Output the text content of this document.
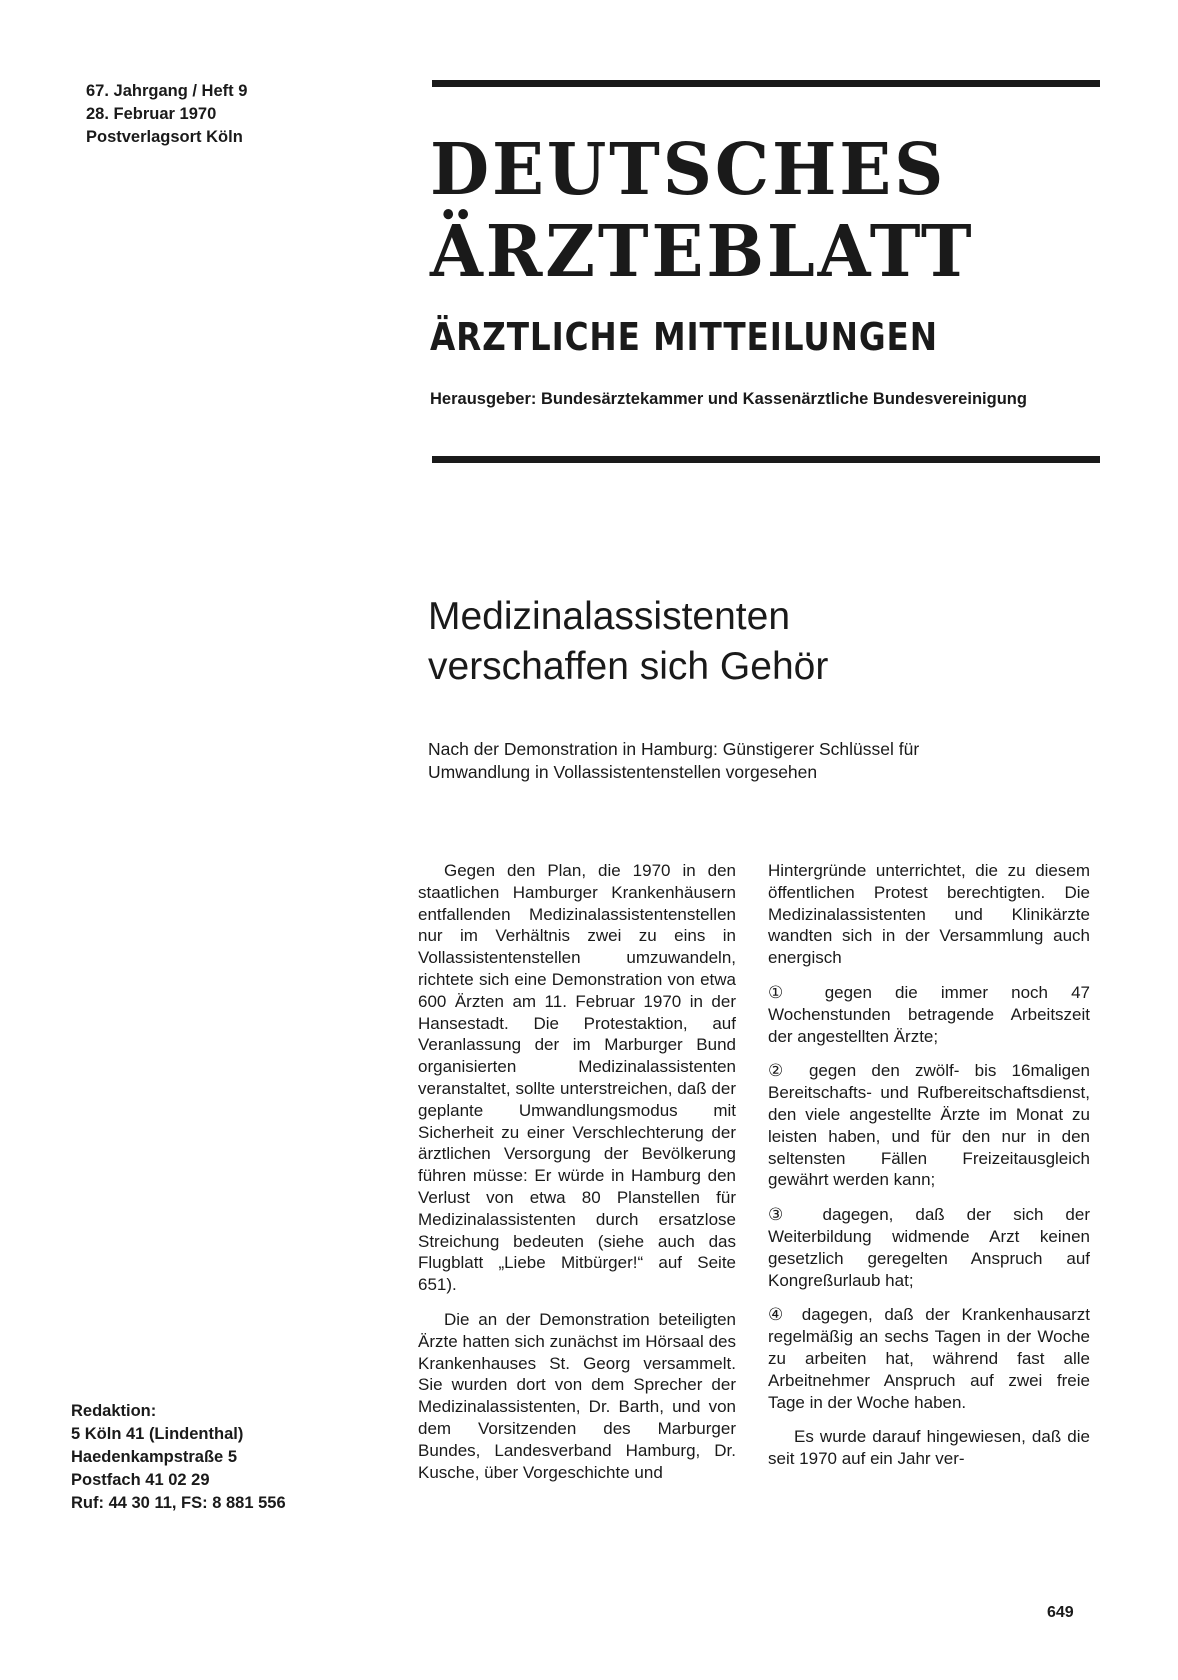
67. Jahrgang / Heft 9
28. Februar 1970
Postverlagsort Köln	DEUTSCHES
ÄRZTEBLATT
ÄRZTLICHE MITTEILUNGEN
Herausgeber: Bundesärztekammer und Kassenärztliche Bundesvereinigung
Medizinalassistenten
verschaffen sich Gehör
Nach der Demonstration in Hamburg: Günstigerer Schlüssel für
Umwandlung in Vollassistentenstellen vorgesehen

Gegen den Plan, die 1970 in den staatlichen Hamburger Krankenhäusern entfallenden Medizinalassistentenstellen nur im Verhältnis zwei zu eins in Vollassistentenstellen umzuwandeln, richtete sich eine Demonstration von etwa 600 Ärzten am 11. Februar 1970 in der Hansestadt. Die Protestaktion, auf Veranlassung der im Marburger Bund organisierten Medizinalassistenten veranstaltet, sollte unterstreichen, daß der geplante Umwandlungsmodus mit Sicherheit zu einer Verschlechterung der ärztlichen Versorgung der Bevölkerung führen müsse: Er würde in Hamburg den Verlust von etwa 80 Planstellen für Medizinalassistenten durch ersatzlose Streichung bedeuten (siehe auch das Flugblatt „Liebe Mitbürger!“ auf Seite 651).

Die an der Demonstration beteiligten Ärzte hatten sich zunächst im Hörsaal des Krankenhauses St. Georg versammelt. Sie wurden dort von dem Sprecher der Medizinalassistenten, Dr. Barth, und von dem Vorsitzenden des Marburger Bundes, Landesverband Hamburg, Dr. Kusche, über Vorgeschichte und

Hintergründe unterrichtet, die zu diesem öffentlichen Protest berechtigten. Die Medizinalassistenten und Klinikärzte wandten sich in der Versammlung auch energisch

① gegen die immer noch 47 Wochenstunden betragende Arbeitszeit der angestellten Ärzte;

② gegen den zwölf- bis 16maligen Bereitschafts- und Rufbereitschaftsdienst, den viele angestellte Ärzte im Monat zu leisten haben, und für den nur in den seltensten Fällen Freizeitausgleich gewährt werden kann;

③ dagegen, daß der sich der Weiterbildung widmende Arzt keinen gesetzlich geregelten Anspruch auf Kongreßurlaub hat;

④ dagegen, daß der Krankenhausarzt regelmäßig an sechs Tagen in der Woche zu arbeiten hat, während fast alle Arbeitnehmer Anspruch auf zwei freie Tage in der Woche haben.

Es wurde darauf hingewiesen, daß die seit 1970 auf ein Jahr ver-

Redaktion:
5 Köln 41 (Lindenthal)
Haedenkampstraße 5
Postfach 41 02 29
Ruf: 44 30 11, FS: 8 881 556
649
